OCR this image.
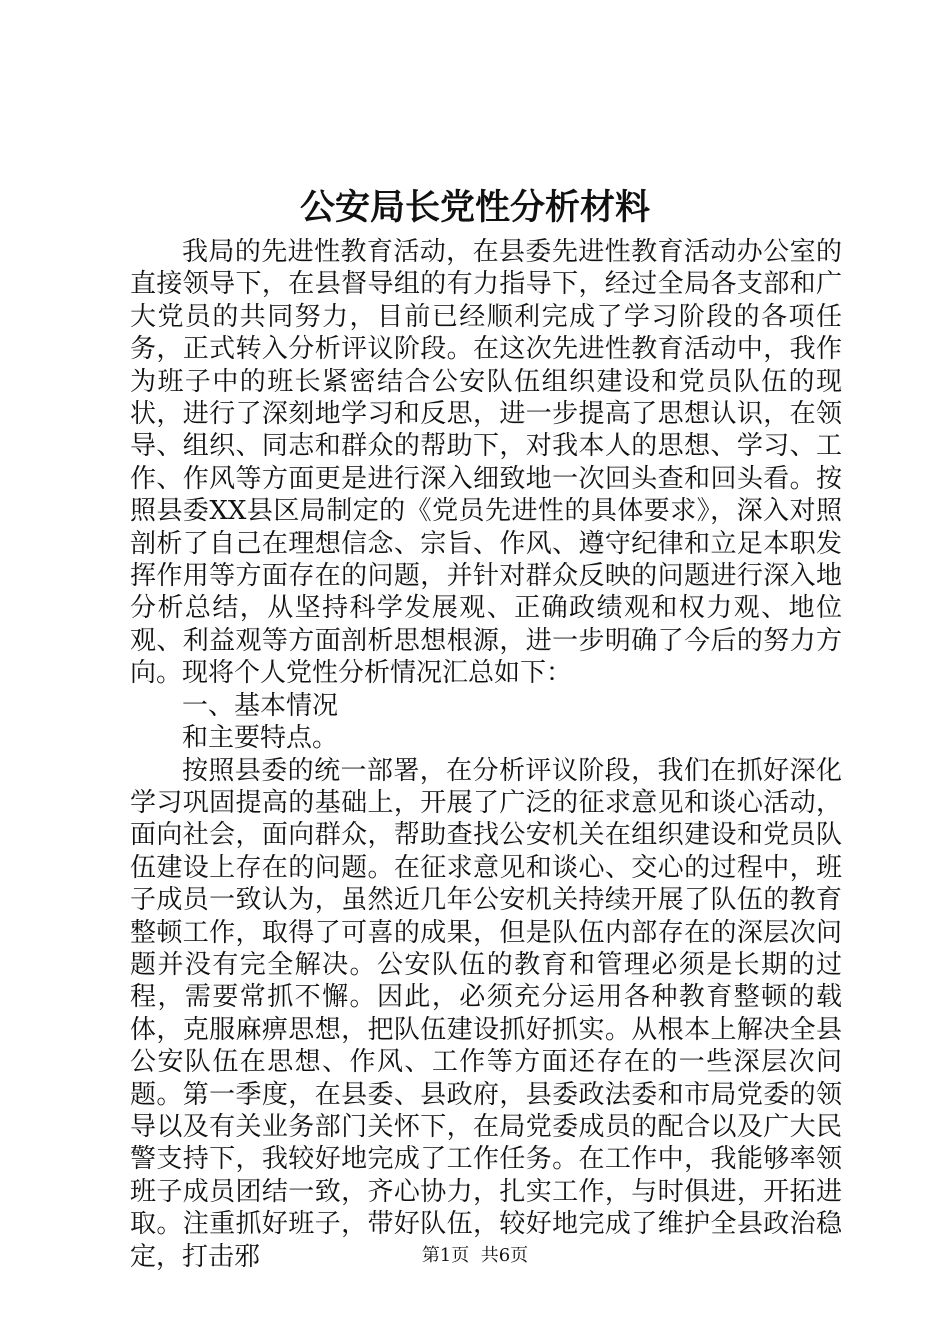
公安局长党性分析材料

我局的先进性教育活动，在县委先进性教育活动办公室的直接领导下，在县督导组的有力指导下，经过全局各支部和广大党员的共同努力，目前已经顺利完成了学习阶段的各项任务，正式转入分析评议阶段。在这次先进性教育活动中，我作为班子中的班长紧密结合公安队伍组织建设和党员队伍的现状，进行了深刻地学习和反思，进一步提高了思想认识，在领导、组织、同志和群众的帮助下，对我本人的思想、学习、工作、作风等方面更是进行深入细致地一次回头查和回头看。按照县委XX县区局制定的《党员先进性的具体要求》，深入对照剖析了自己在理想信念、宗旨、作风、遵守纪律和立足本职发挥作用等方面存在的问题，并针对群众反映的问题进行深入地分析总结，从坚持科学发展观、正确政绩观和权力观、地位观、利益观等方面剖析思想根源，进一步明确了今后的努力方向。现将个人党性分析情况汇总如下：

一、基本情况

和主要特点。

按照县委的统一部署，在分析评议阶段，我们在抓好深化学习巩固提高的基础上，开展了广泛的征求意见和谈心活动，面向社会，面向群众，帮助查找公安机关在组织建设和党员队伍建设上存在的问题。在征求意见和谈心、交心的过程中，班子成员一致认为，虽然近几年公安机关持续开展了队伍的教育整顿工作，取得了可喜的成果，但是队伍内部存在的深层次问题并没有完全解决。公安队伍的教育和管理必须是长期的过程，需要常抓不懈。因此，必须充分运用各种教育整顿的载体，克服麻痹思想，把队伍建设抓好抓实。从根本上解决全县公安队伍在思想、作风、工作等方面还存在的一些深层次问题。第一季度，在县委、县政府，县委政法委和市局党委的领导以及有关业务部门关怀下，在局党委成员的配合以及广大民警支持下，我较好地完成了工作任务。在工作中，我能够率领班子成员团结一致，齐心协力，扎实工作，与时俱进，开拓进取。注重抓好班子，带好队伍，较好地完成了维护全县政治稳定，打击邪	第1页 共6页
